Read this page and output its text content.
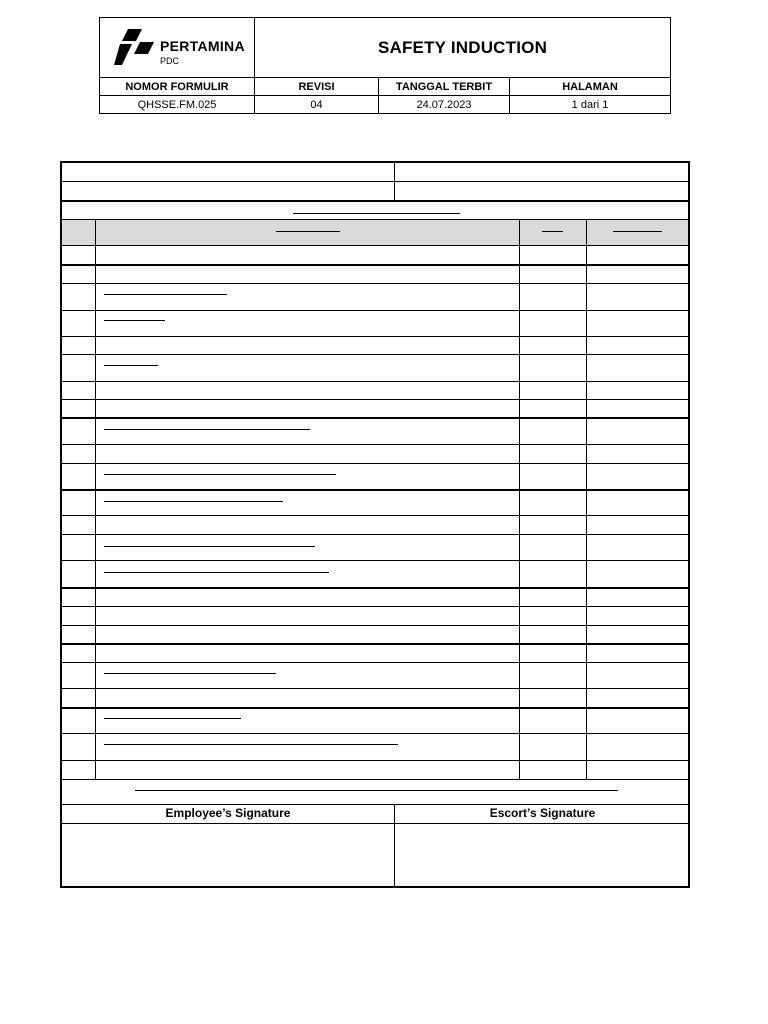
PERTAMINA
PDC	SAFETY INDUCTION		
NOMOR FORMULIR	REVISI	TANGGAL TERBIT	HALAMAN
QHSSE.FM.025	04	24.07.2023	1 dari 1
Employee’s Signature	Escort’s Signature
